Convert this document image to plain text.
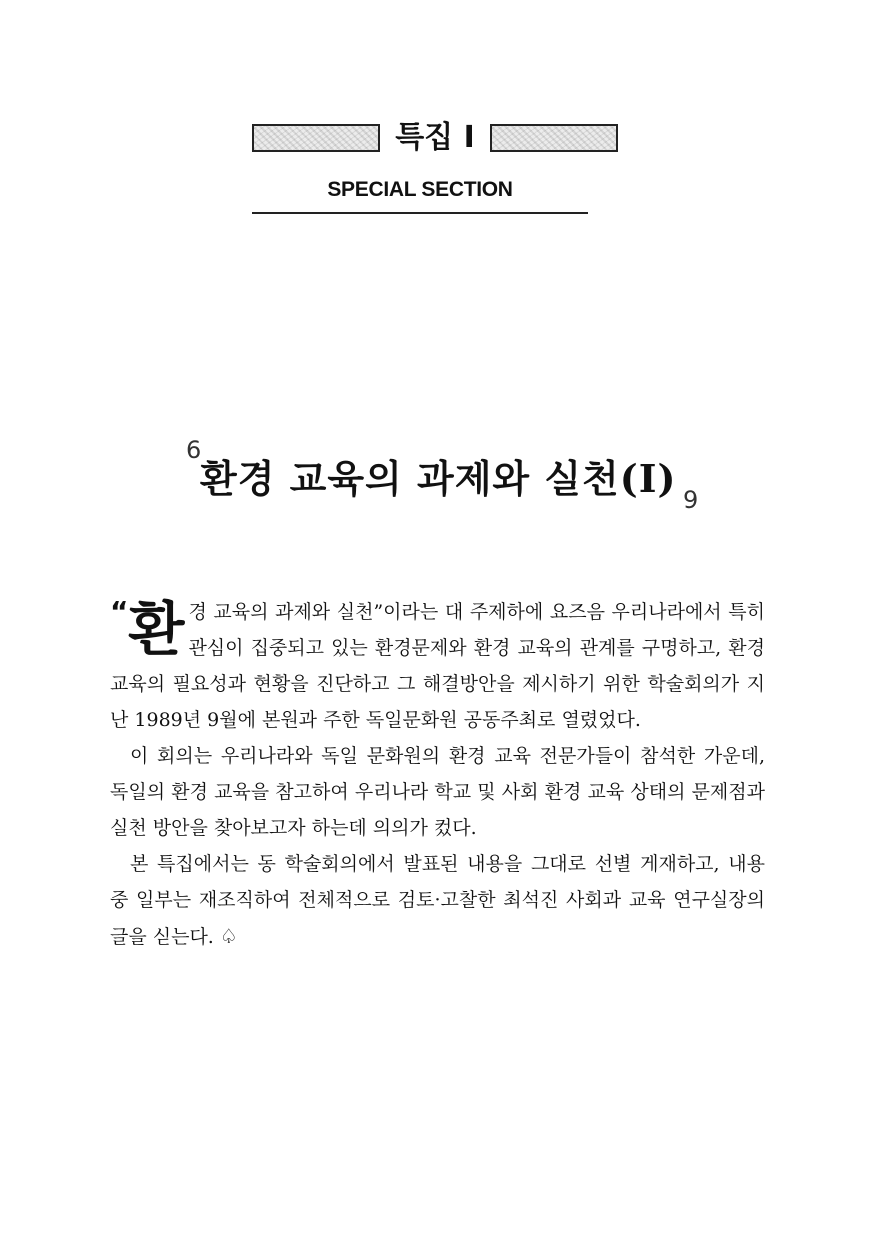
특집 Ⅰ
SPECIAL SECTION
6
9
환경 교육의 과제와 실천(Ⅰ)

“ 환 경 교육의 과제와 실천”이라는 대 주제하에 요즈음 우리나라에서 특히 관심이 집중되고 있는 환경문제와 환경 교육의 관계를 구명하고, 환경 교육의 필요성과 현황을 진단하고 그 해결방안을 제시하기 위한 학술회의가 지난 1989년 9월에 본원과 주한 독일문화원 공동주최로 열렸었다.

이 회의는 우리나라와 독일 문화원의 환경 교육 전문가들이 참석한 가운데, 독일의 환경 교육을 참고하여 우리나라 학교 및 사회 환경 교육 상태의 문제점과 실천 방안을 찾아보고자 하는데 의의가 컸다.

본 특집에서는 동 학술회의에서 발표된 내용을 그대로 선별 게재하고, 내용 중 일부는 재조직하여 전체적으로 검토·고찰한 최석진 사회과 교육 연구실장의 글을 싣는다. ♤
